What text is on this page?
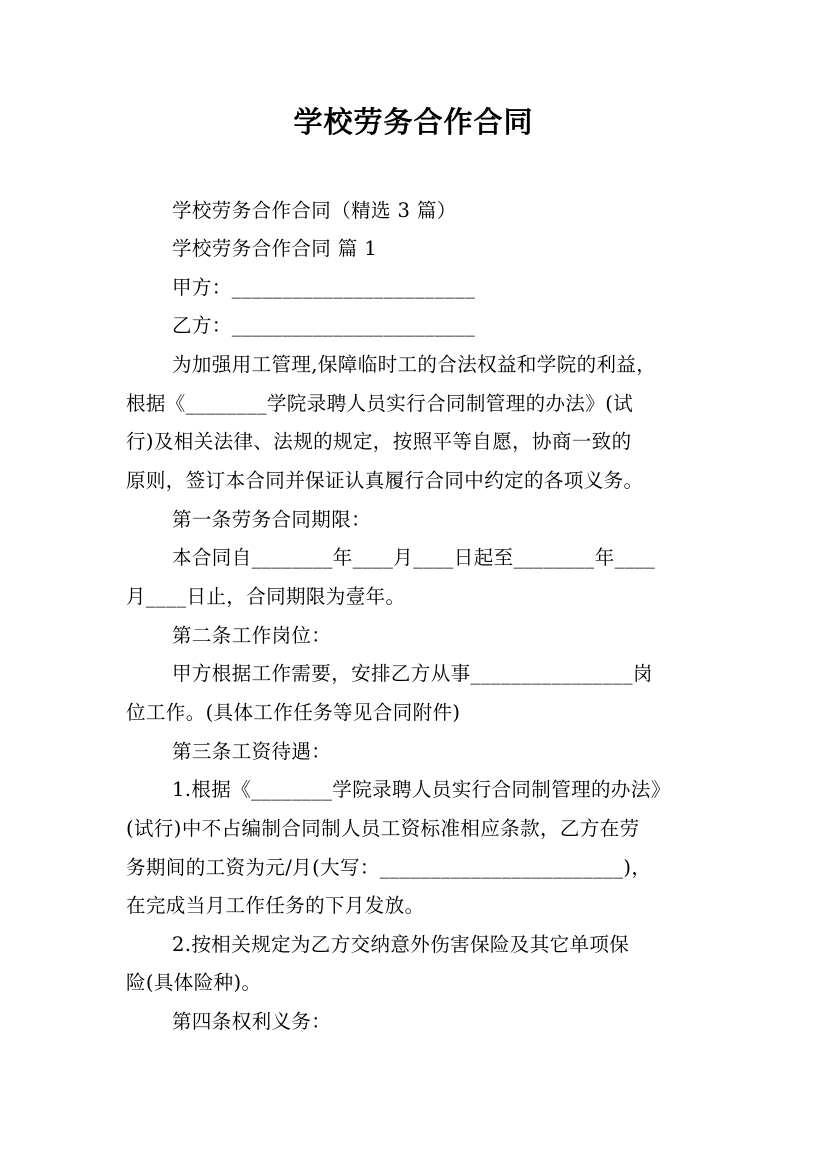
学校劳务合作合同
学校劳务合作合同（精选 3 篇）
学校劳务合作合同 篇 1
甲方：________________________
乙方：________________________
为加强用工管理,保障临时工的合法权益和学院的利益，
根据《________学院录聘人员实行合同制管理的办法》(试
行)及相关法律、法规的规定，按照平等自愿，协商一致的
原则，签订本合同并保证认真履行合同中约定的各项义务。
第一条劳务合同期限：
本合同自________年____月____日起至________年____
月____日止，合同期限为壹年。
第二条工作岗位：
甲方根据工作需要，安排乙方从事________________岗
位工作。(具体工作任务等见合同附件)
第三条工资待遇：
1.根据《________学院录聘人员实行合同制管理的办法》
(试行)中不占编制合同制人员工资标准相应条款，乙方在劳
务期间的工资为元/月(大写：________________________)，
在完成当月工作任务的下月发放。
2.按相关规定为乙方交纳意外伤害保险及其它单项保
险(具体险种)。
第四条权利义务：
